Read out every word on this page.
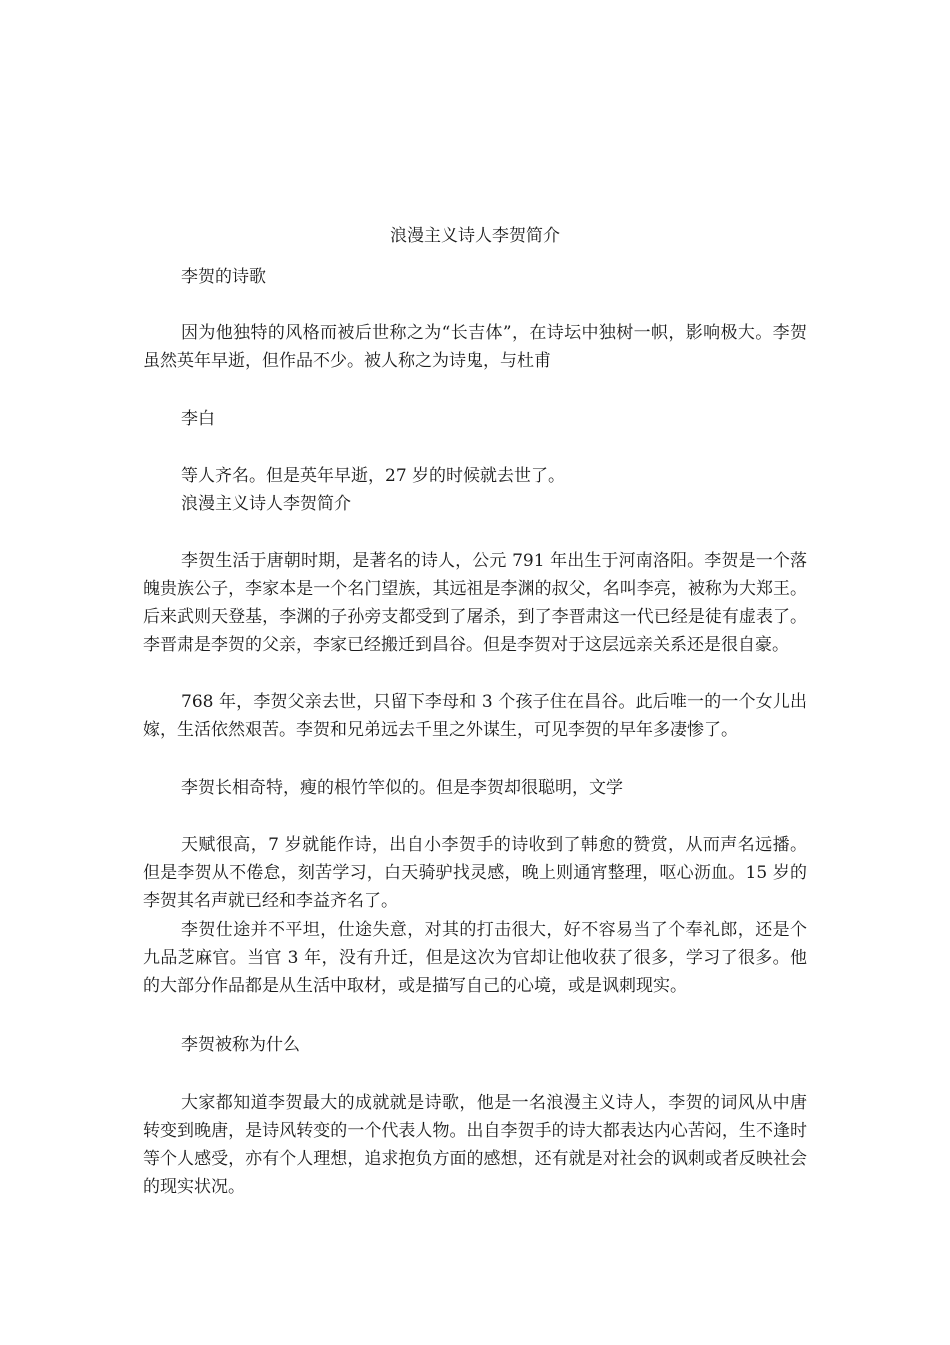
浪漫主义诗人李贺简介

李贺的诗歌

因为他独特的风格而被后世称之为“长吉体”，在诗坛中独树一帜，影响极大。李贺虽然英年早逝，但作品不少。被人称之为诗鬼，与杜甫

李白

等人齐名。但是英年早逝，27 岁的时候就去世了。

浪漫主义诗人李贺简介

李贺生活于唐朝时期，是著名的诗人，公元 791 年出生于河南洛阳。李贺是一个落魄贵族公子，李家本是一个名门望族，其远祖是李渊的叔父，名叫李亮，被称为大郑王。后来武则天登基，李渊的子孙旁支都受到了屠杀，到了李晋肃这一代已经是徒有虚表了。李晋肃是李贺的父亲，李家已经搬迁到昌谷。但是李贺对于这层远亲关系还是很自豪。

768 年，李贺父亲去世，只留下李母和 3 个孩子住在昌谷。此后唯一的一个女儿出嫁，生活依然艰苦。李贺和兄弟远去千里之外谋生，可见李贺的早年多凄惨了。

李贺长相奇特，瘦的根竹竿似的。但是李贺却很聪明，文学

天赋很高，7 岁就能作诗，出自小李贺手的诗收到了韩愈的赞赏，从而声名远播。但是李贺从不倦怠，刻苦学习，白天骑驴找灵感，晚上则通宵整理，呕心沥血。15 岁的李贺其名声就已经和李益齐名了。

李贺仕途并不平坦，仕途失意，对其的打击很大，好不容易当了个奉礼郎，还是个九品芝麻官。当官 3 年，没有升迁，但是这次为官却让他收获了很多，学习了很多。他的大部分作品都是从生活中取材，或是描写自己的心境，或是讽刺现实。

李贺被称为什么

大家都知道李贺最大的成就就是诗歌，他是一名浪漫主义诗人，李贺的词风从中唐转变到晚唐，是诗风转变的一个代表人物。出自李贺手的诗大都表达内心苦闷，生不逢时等个人感受，亦有个人理想，追求抱负方面的感想，还有就是对社会的讽刺或者反映社会的现实状况。
